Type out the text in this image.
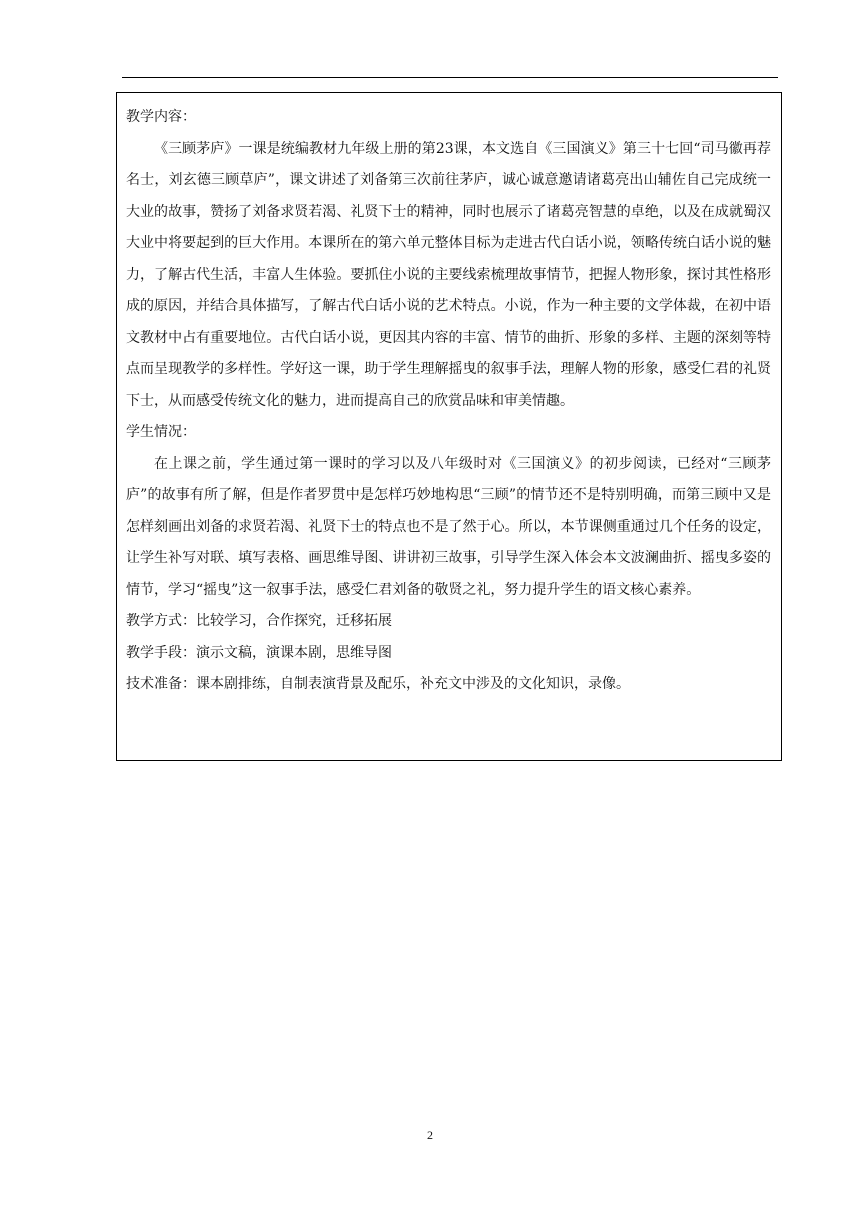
教学内容：

《三顾茅庐》一课是统编教材九年级上册的第23课，本文选自《三国演义》第三十七回“司马徽再荐名士，刘玄德三顾草庐”，课文讲述了刘备第三次前往茅庐，诚心诚意邀请诸葛亮出山辅佐自己完成统一大业的故事，赞扬了刘备求贤若渴、礼贤下士的精神，同时也展示了诸葛亮智慧的卓绝，以及在成就蜀汉大业中将要起到的巨大作用。本课所在的第六单元整体目标为走进古代白话小说，领略传统白话小说的魅力，了解古代生活，丰富人生体验。要抓住小说的主要线索梳理故事情节，把握人物形象，探讨其性格形成的原因，并结合具体描写，了解古代白话小说的艺术特点。小说，作为一种主要的文学体裁，在初中语文教材中占有重要地位。古代白话小说，更因其内容的丰富、情节的曲折、形象的多样、主题的深刻等特点而呈现教学的多样性。学好这一课，助于学生理解摇曳的叙事手法，理解人物的形象，感受仁君的礼贤下士，从而感受传统文化的魅力，进而提高自己的欣赏品味和审美情趣。

学生情况：

在上课之前，学生通过第一课时的学习以及八年级时对《三国演义》的初步阅读，已经对“三顾茅庐”的故事有所了解，但是作者罗贯中是怎样巧妙地构思“三顾”的情节还不是特别明确，而第三顾中又是怎样刻画出刘备的求贤若渴、礼贤下士的特点也不是了然于心。所以，本节课侧重通过几个任务的设定，让学生补写对联、填写表格、画思维导图、讲讲初三故事，引导学生深入体会本文波澜曲折、摇曳多姿的情节，学习“摇曳”这一叙事手法，感受仁君刘备的敬贤之礼，努力提升学生的语文核心素养。

教学方式：比较学习，合作探究，迁移拓展

教学手段：演示文稿，演课本剧，思维导图

技术准备：课本剧排练，自制表演背景及配乐，补充文中涉及的文化知识，录像。

2
